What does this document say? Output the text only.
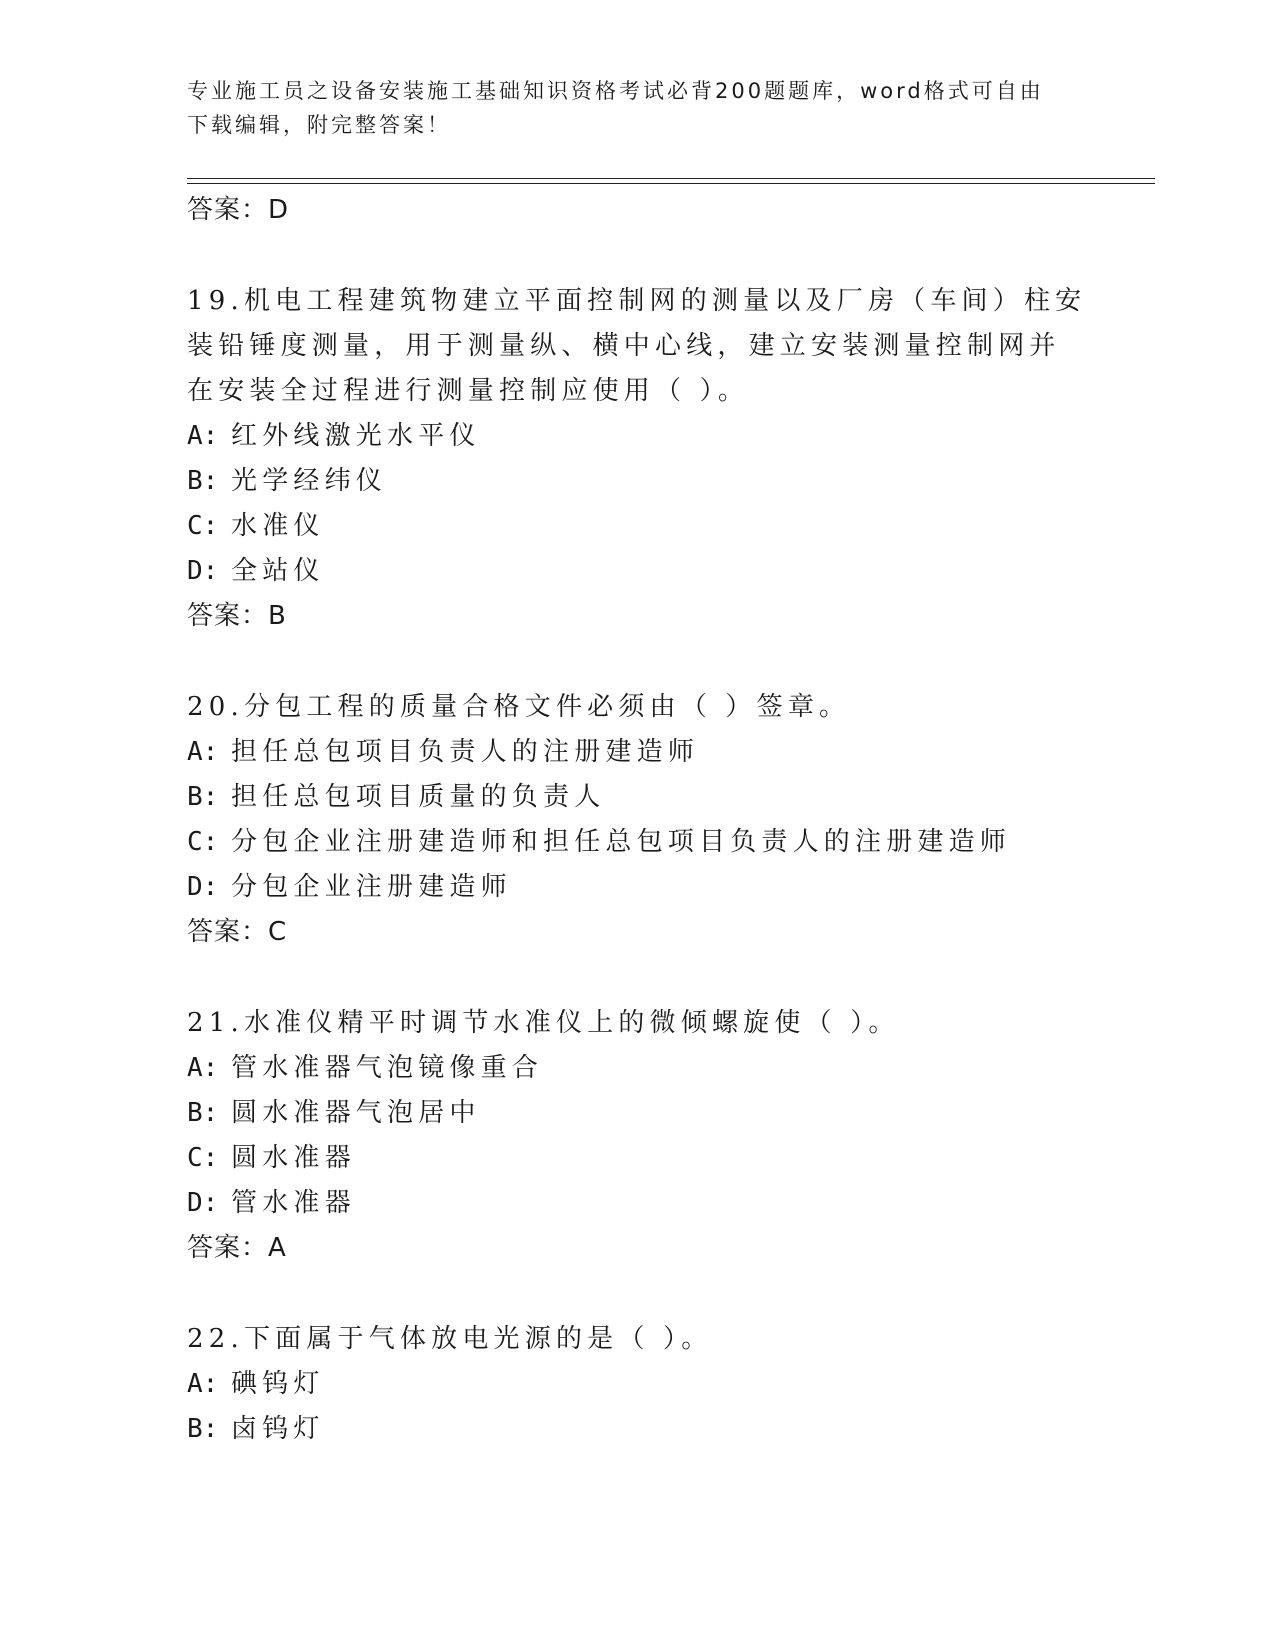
专业施工员之设备安装施工基础知识资格考试必背200题题库，word格式可自由
下载编辑，附完整答案！
答案：D
19.机电工程建筑物建立平面控制网的测量以及厂房（车间）柱安装铅锤度测量，用于测量纵、横中心线，建立安装测量控制网并在安装全过程进行测量控制应使用（ ）。
A: 红外线激光水平仪
B: 光学经纬仪
C: 水准仪
D: 全站仪
答案：B
20.分包工程的质量合格文件必须由（ ）签章。
A: 担任总包项目负责人的注册建造师
B: 担任总包项目质量的负责人
C: 分包企业注册建造师和担任总包项目负责人的注册建造师
D: 分包企业注册建造师
答案：C
21.水准仪精平时调节水准仪上的微倾螺旋使（ ）。
A: 管水准器气泡镜像重合
B: 圆水准器气泡居中
C: 圆水准器
D: 管水准器
答案：A
22.下面属于气体放电光源的是（ ）。
A: 碘钨灯
B: 卤钨灯
